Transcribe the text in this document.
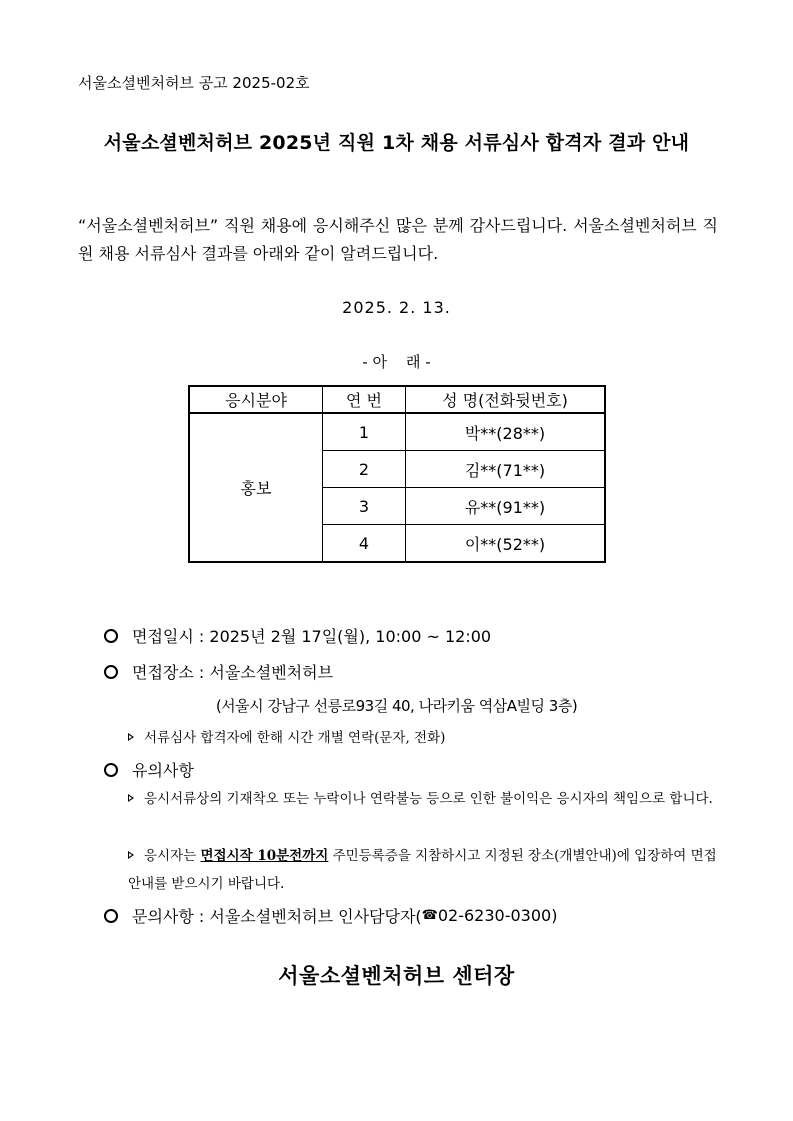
서울소셜벤처허브 공고 2025-02호
서울소셜벤처허브 2025년 직원 1차 채용 서류심사 합격자 결과 안내
“서울소셜벤처허브” 직원 채용에 응시해주신 많은 분께 감사드립니다. 서울소셜벤처허브 직원 채용 서류심사 결과를 아래와 같이 알려드립니다.
2025. 2. 13.
- 아    래 -
응시분야	연 번	성 명(전화뒷번호)
홍보	1	박**(28**)
	2	김**(71**)
	3	유**(91**)
	4	이**(52**)
면접일시 : 2025년 2월 17일(월), 10:00 ~ 12:00
면접장소 : 서울소셜벤처허브
(서울시 강남구 선릉로93길 40, 나라키움 역삼A빌딩 3층)
서류심사 합격자에 한해 시간 개별 연락(문자, 전화)
유의사항
응시서류상의 기재착오 또는 누락이나 연락불능 등으로 인한 불이익은 응시자의 책임으로 합니다.
응시자는 면접시작 10분전까지 주민등록증을 지참하시고 지정된 장소(개별안내)에 입장하여 면접안내를 받으시기 바랍니다.
문의사항 : 서울소셜벤처허브 인사담당자( ☎ 02-6230-0300)
서울소셜벤처허브 센터장
